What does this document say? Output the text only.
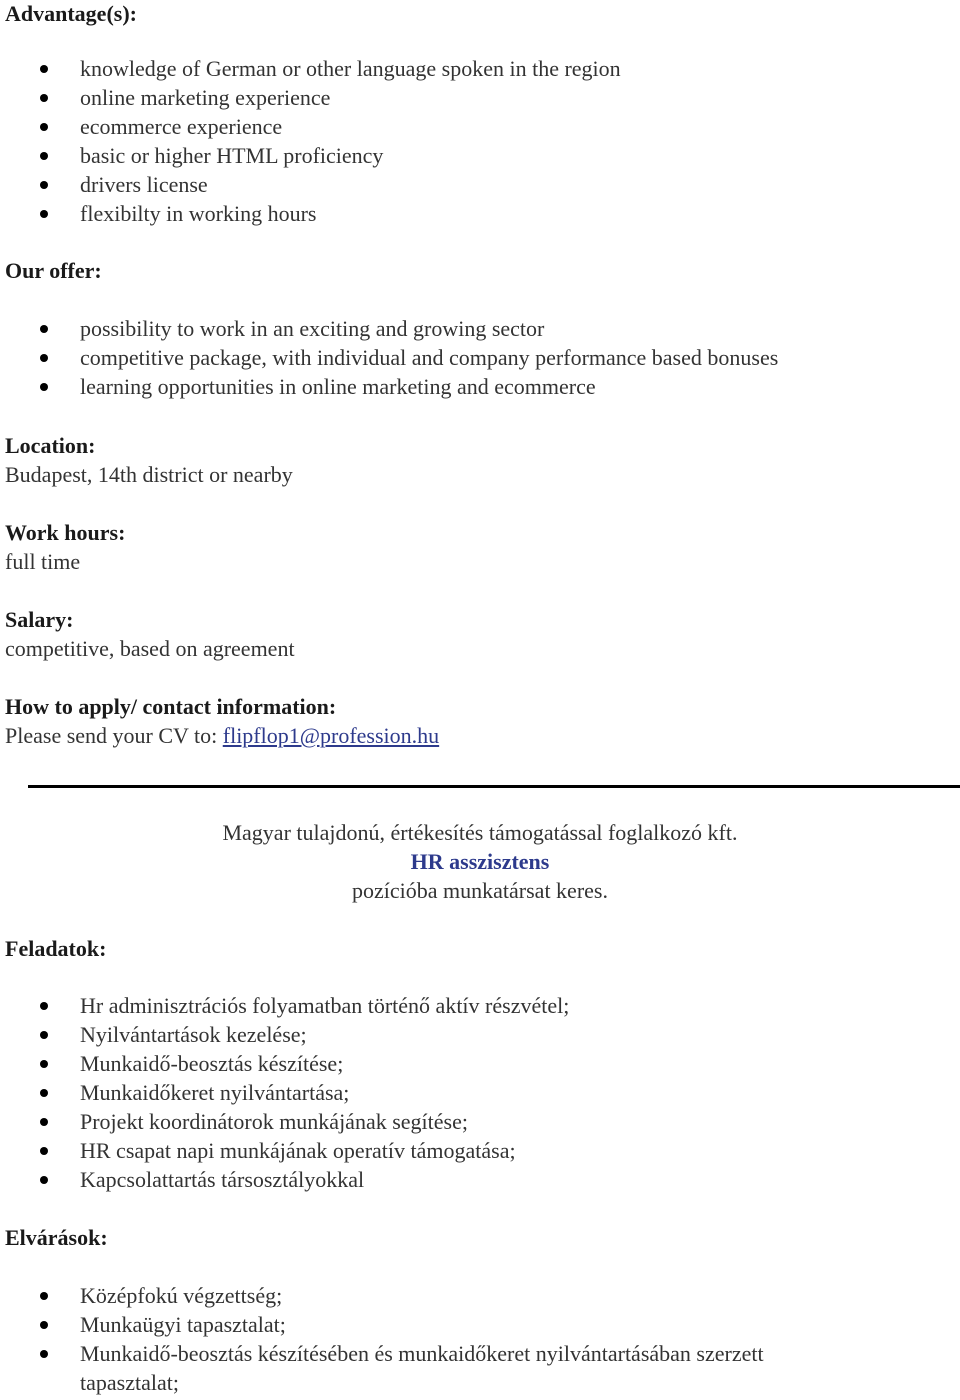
Advantage(s):
knowledge of German or other language spoken in the region
online marketing experience
ecommerce experience
basic or higher HTML proficiency
drivers license
flexibilty in working hours
Our offer:
possibility to work in an exciting and growing sector
competitive package, with individual and company performance based bonuses
learning opportunities in online marketing and ecommerce
Location:

Budapest, 14th district or nearby

Work hours:

full time

Salary:

competitive, based on agreement

How to apply/ contact information:

Please send your CV to: flipflop1@profession.hu

Magyar tulajdonú, értékesítés támogatással foglalkozó kft.

HR asszisztens

pozícióba munkatársat keres.

Feladatok:
Hr adminisztrációs folyamatban történő aktív részvétel;
Nyilvántartások kezelése;
Munkaidő-beosztás készítése;
Munkaidőkeret nyilvántartása;
Projekt koordinátorok munkájának segítése;
HR csapat napi munkájának operatív támogatása;
Kapcsolattartás társosztályokkal
Elvárások:
Középfokú végzettség;
Munkaügyi tapasztalat;
Munkaidő-beosztás készítésében és munkaidőkeret nyilvántartásában szerzett
tapasztalat;
